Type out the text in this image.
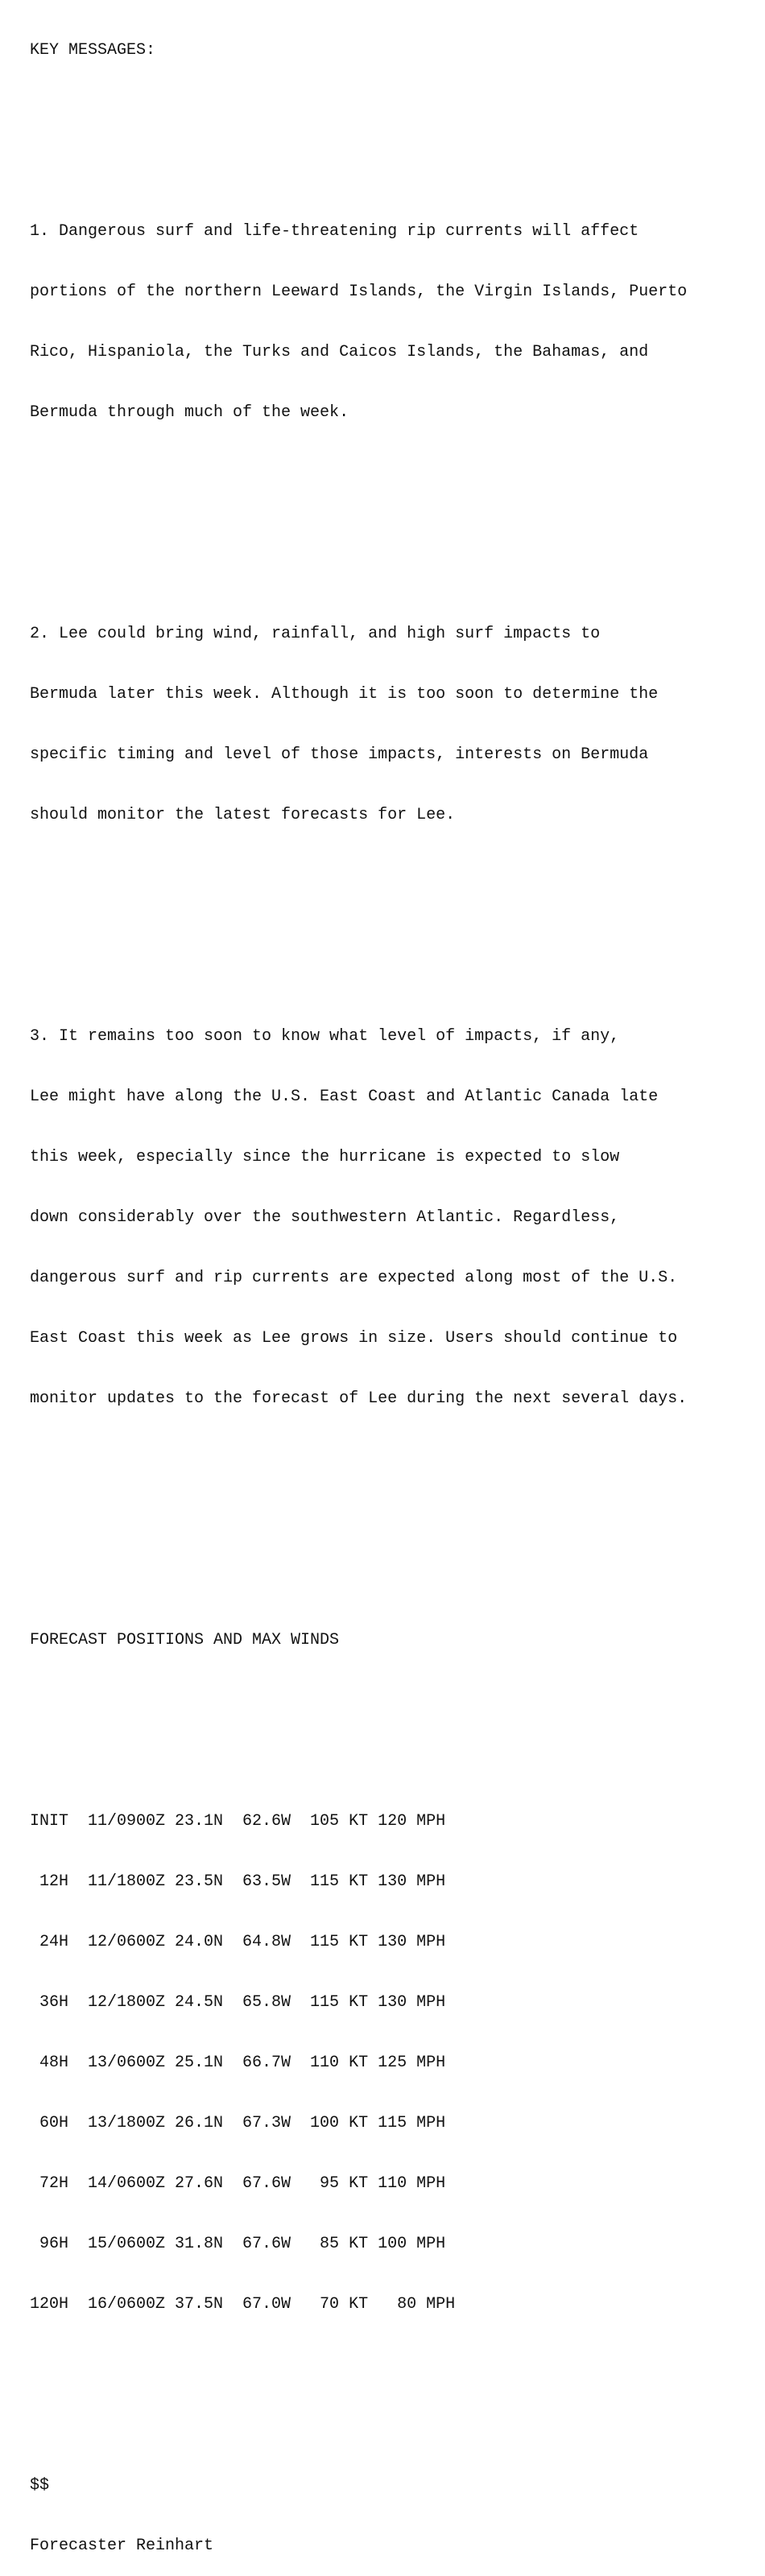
KEY MESSAGES:

1. Dangerous surf and life-threatening rip currents will affect

portions of the northern Leeward Islands, the Virgin Islands, Puerto

Rico, Hispaniola, the Turks and Caicos Islands, the Bahamas, and

Bermuda through much of the week.

2. Lee could bring wind, rainfall, and high surf impacts to

Bermuda later this week. Although it is too soon to determine the

specific timing and level of those impacts, interests on Bermuda

should monitor the latest forecasts for Lee.

3. It remains too soon to know what level of impacts, if any,

Lee might have along the U.S. East Coast and Atlantic Canada late

this week, especially since the hurricane is expected to slow

down considerably over the southwestern Atlantic. Regardless,

dangerous surf and rip currents are expected along most of the U.S.

East Coast this week as Lee grows in size. Users should continue to

monitor updates to the forecast of Lee during the next several days.

FORECAST POSITIONS AND MAX WINDS

INIT  11/0900Z 23.1N  62.6W  105 KT 120 MPH

12H  11/1800Z 23.5N  63.5W  115 KT 130 MPH

24H  12/0600Z 24.0N  64.8W  115 KT 130 MPH

36H  12/1800Z 24.5N  65.8W  115 KT 130 MPH

48H  13/0600Z 25.1N  66.7W  110 KT 125 MPH

60H  13/1800Z 26.1N  67.3W  100 KT 115 MPH

72H  14/0600Z 27.6N  67.6W   95 KT 110 MPH

96H  15/0600Z 31.8N  67.6W   85 KT 100 MPH

120H  16/0600Z 37.5N  67.0W   70 KT   80 MPH

$$

Forecaster Reinhart
